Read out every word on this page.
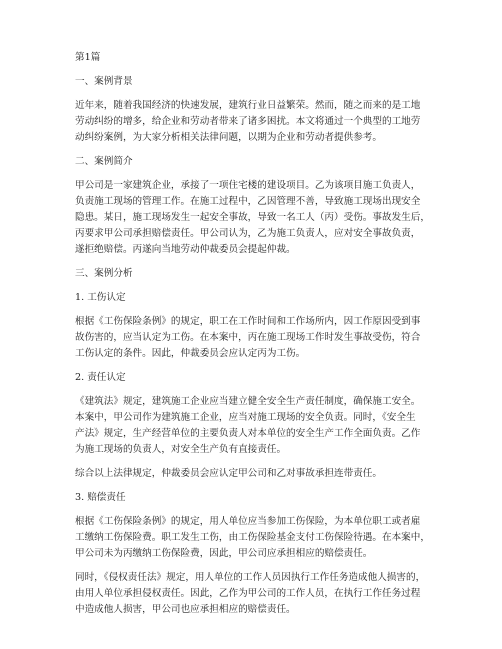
第1篇
一、案例背景
近年来，随着我国经济的快速发展，建筑行业日益繁荣。然而，随之而来的是工地
劳动纠纷的增多，给企业和劳动者带来了诸多困扰。本文将通过一个典型的工地劳
动纠纷案例，为大家分析相关法律问题，以期为企业和劳动者提供参考。
二、案例简介
甲公司是一家建筑企业，承接了一项住宅楼的建设项目。乙为该项目施工负责人，
负责施工现场的管理工作。在施工过程中，乙因管理不善，导致施工现场出现安全
隐患。某日，施工现场发生一起安全事故，导致一名工人（丙）受伤。事故发生后，
丙要求甲公司承担赔偿责任。甲公司认为，乙为施工负责人，应对安全事故负责，
遂拒绝赔偿。丙遂向当地劳动仲裁委员会提起仲裁。
三、案例分析
1. 工伤认定
根据《工伤保险条例》的规定，职工在工作时间和工作场所内，因工作原因受到事
故伤害的，应当认定为工伤。在本案中，丙在施工现场工作时发生事故受伤，符合
工伤认定的条件。因此，仲裁委员会应认定丙为工伤。
2. 责任认定
《建筑法》规定，建筑施工企业应当建立健全安全生产责任制度，确保施工安全。
本案中，甲公司作为建筑施工企业，应当对施工现场的安全负责。同时，《安全生
产法》规定，生产经营单位的主要负责人对本单位的安全生产工作全面负责。乙作
为施工现场的负责人，对安全生产负有直接责任。
综合以上法律规定，仲裁委员会应认定甲公司和乙对事故承担连带责任。
3. 赔偿责任
根据《工伤保险条例》的规定，用人单位应当参加工伤保险，为本单位职工或者雇
工缴纳工伤保险费。职工发生工伤，由工伤保险基金支付工伤保险待遇。在本案中，
甲公司未为丙缴纳工伤保险费，因此，甲公司应承担相应的赔偿责任。
同时，《侵权责任法》规定，用人单位的工作人员因执行工作任务造成他人损害的，
由用人单位承担侵权责任。因此，乙作为甲公司的工作人员，在执行工作任务过程
中造成他人损害，甲公司也应承担相应的赔偿责任。
